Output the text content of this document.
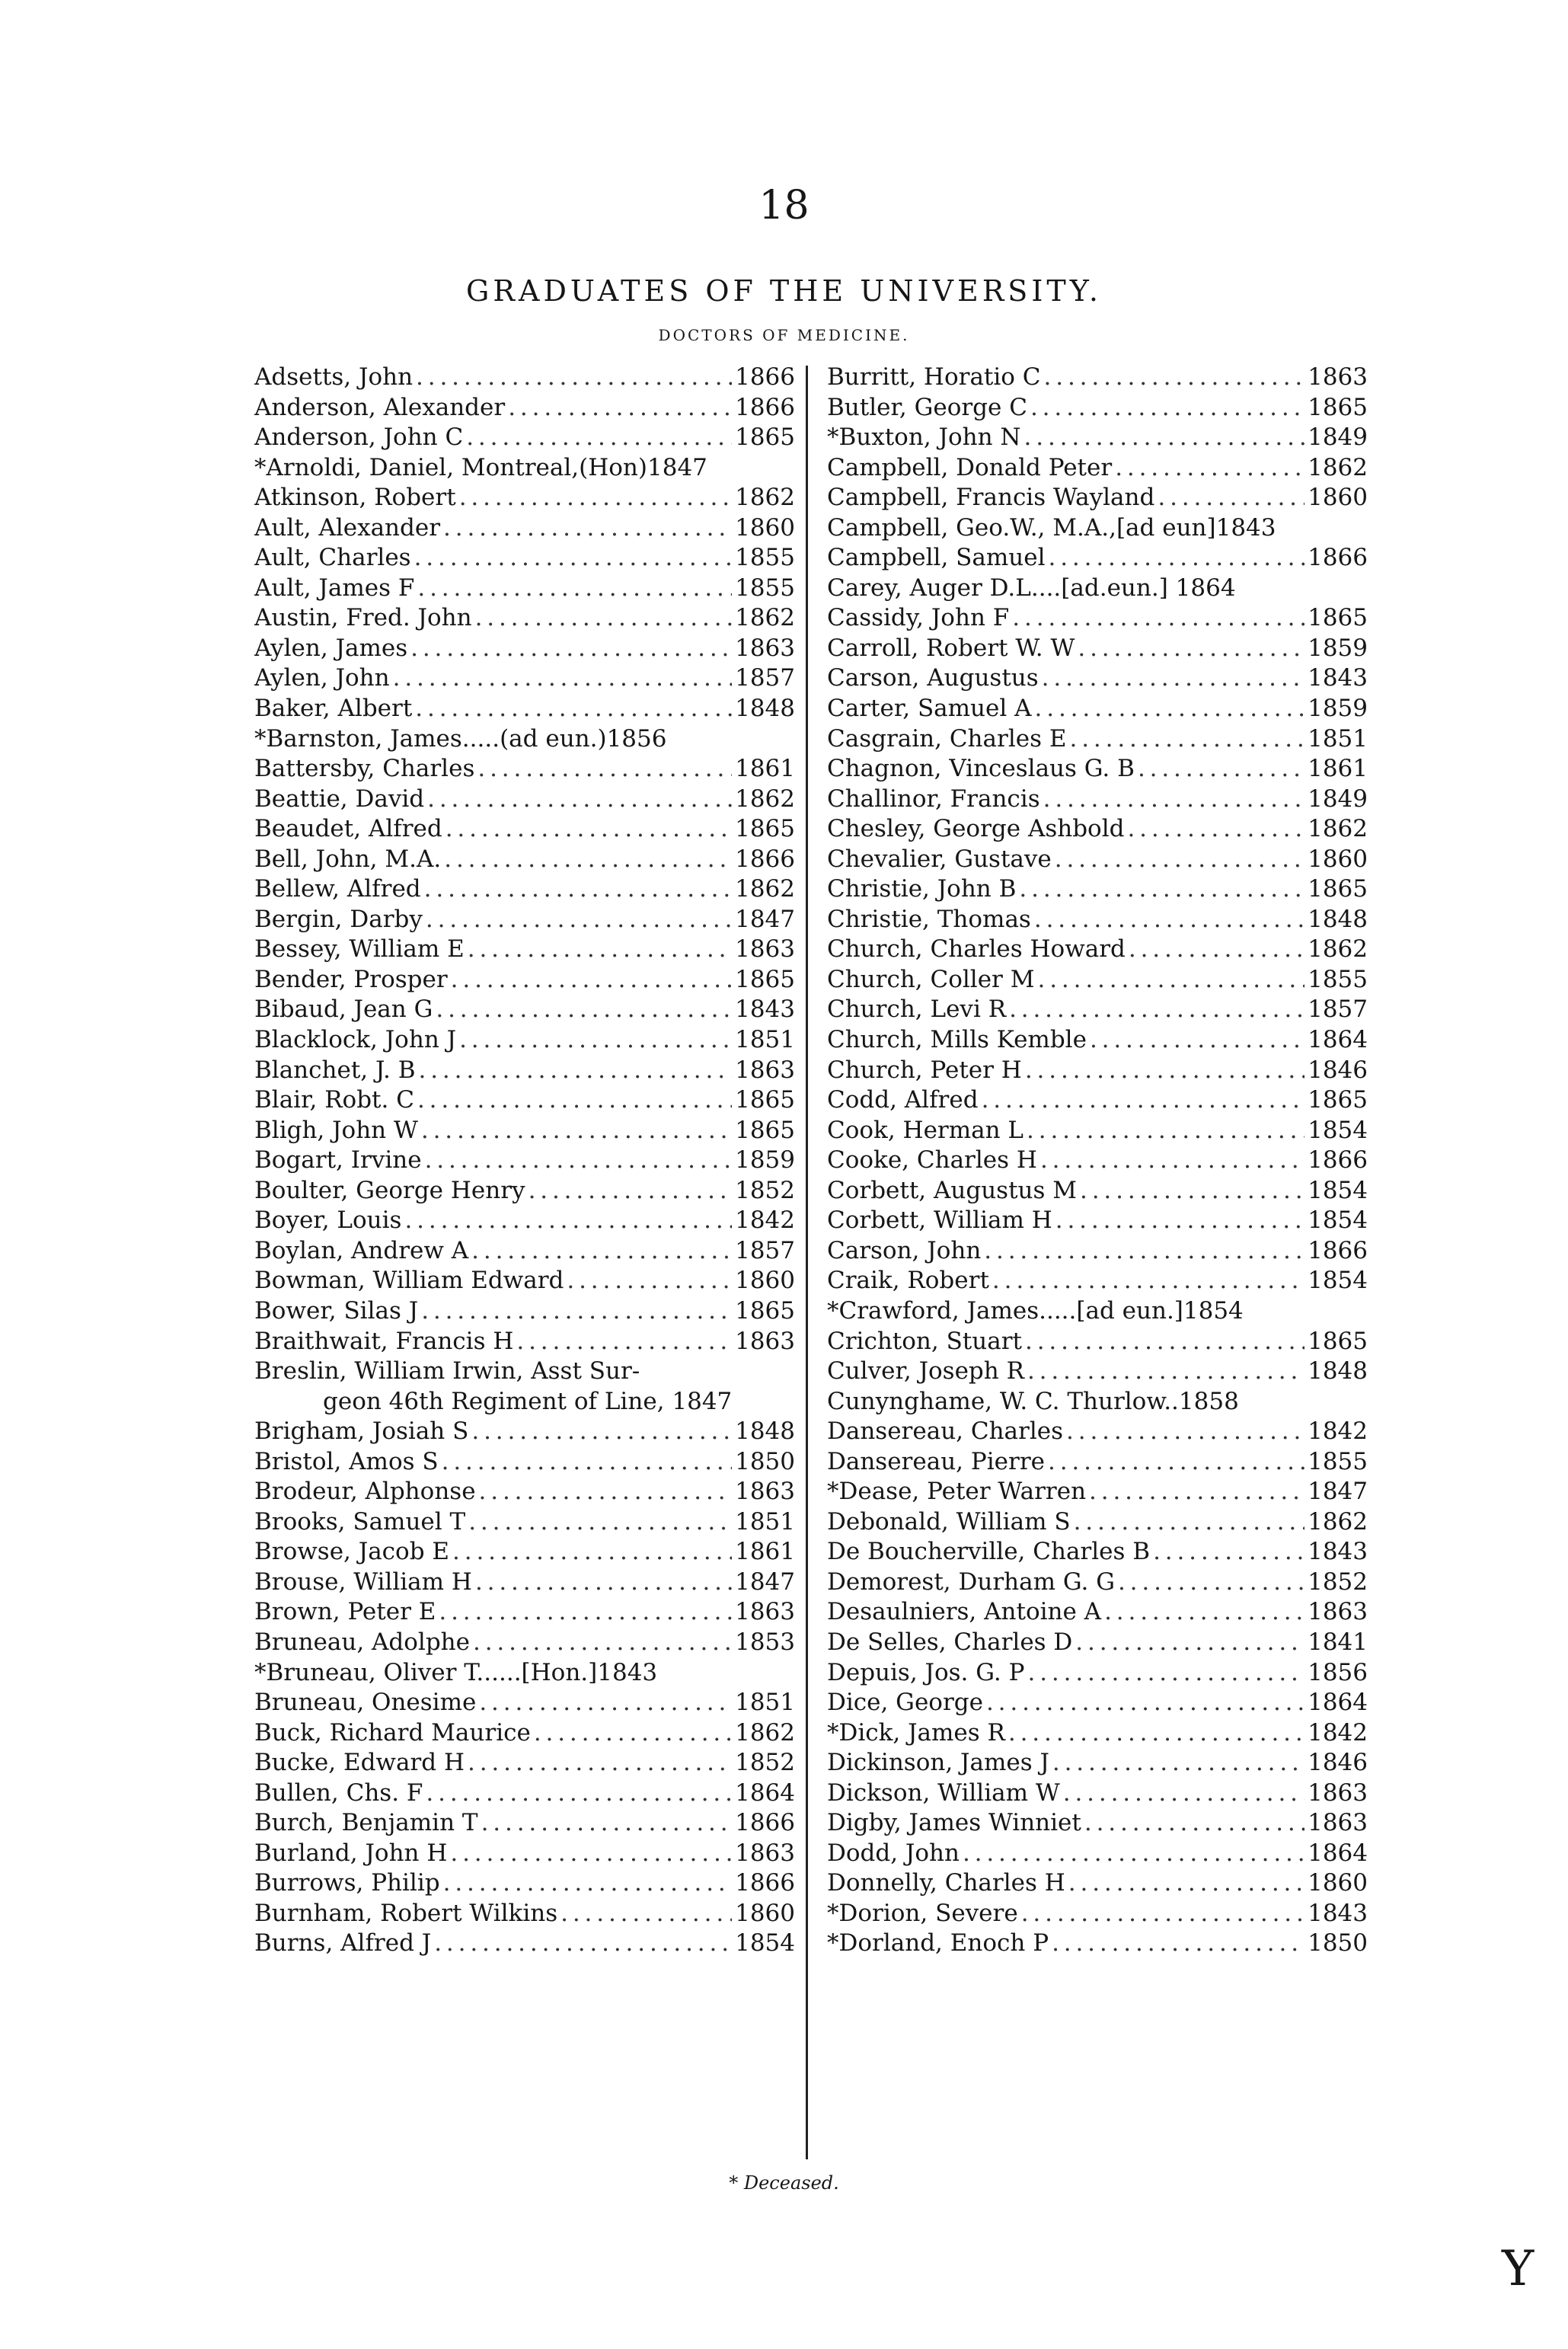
18
GRADUATES OF THE UNIVERSITY.
DOCTORS OF MEDICINE.
Adsetts, John . . .	1866
Anderson, Alexander . . .	1866
Anderson, John C . . .	1865
*Arnoldi, Daniel, Montreal,(Hon)1847
Atkinson, Robert . . .	1862
Ault, Alexander . . .	1860
Ault, Charles . . .	1855
Ault, James F . . .	1855
Austin, Fred. John . . .	1862
Aylen, James . . .	1863
Aylen, John . . .	1857
Baker, Albert . . .	1848
*Barnston, James.....(ad eun.)1856
Battersby, Charles . . .	1861
Beattie, David . . .	1862
Beaudet, Alfred . . .	1865
Bell, John, M.A. . . .	1866
Bellew, Alfred . . .	1862
Bergin, Darby . . .	1847
Bessey, William E . . .	1863
Bender, Prosper . . .	1865
Bibaud, Jean G . . .	1843
Blacklock, John J . . .	1851
Blanchet, J. B . . .	1863
Blair, Robt. C . . .	1865
Bligh, John W . . .	1865
Bogart, Irvine . . .	1859
Boulter, George Henry . . .	1852
Boyer, Louis . . .	1842
Boylan, Andrew A . . .	1857
Bowman, William Edward . . .	1860
Bower, Silas J . . .	1865
Braithwait, Francis H . . .	1863
Breslin, William Irwin, Asst Sur-
geon 46th Regiment of Line, 1847
Brigham, Josiah S . . .	1848
Bristol, Amos S . . .	1850
Brodeur, Alphonse . . .	1863
Brooks, Samuel T . . .	1851
Browse, Jacob E . . .	1861
Brouse, William H . . .	1847
Brown, Peter E . . .	1863
Bruneau, Adolphe . . .	1853
*Bruneau, Oliver T......[Hon.]1843
Bruneau, Onesime . . .	1851
Buck, Richard Maurice . . .	1862
Bucke, Edward H . . .	1852
Bullen, Chs. F . . .	1864
Burch, Benjamin T . . .	1866
Burland, John H . . .	1863
Burrows, Philip . . .	1866
Burnham, Robert Wilkins . . .	1860
Burns, Alfred J . . .	1854
Burritt, Horatio C . . .	1863
Butler, George C . . .	1865
*Buxton, John N . . .	1849
Campbell, Donald Peter . . .	1862
Campbell, Francis Wayland . . .	1860
Campbell, Geo.W., M.A.,[ad eun]1843
Campbell, Samuel . . .	1866
Carey, Auger D.L....[ad.eun.] 1864
Cassidy, John F . . .	1865
Carroll, Robert W. W . . .	1859
Carson, Augustus . . .	1843
Carter, Samuel A . . .	1859
Casgrain, Charles E . . .	1851
Chagnon, Vinceslaus G. B . . .	1861
Challinor, Francis . . .	1849
Chesley, George Ashbold . . .	1862
Chevalier, Gustave . . .	1860
Christie, John B . . .	1865
Christie, Thomas . . .	1848
Church, Charles Howard . . .	1862
Church, Coller M . . .	1855
Church, Levi R . . .	1857
Church, Mills Kemble . . .	1864
Church, Peter H . . .	1846
Codd, Alfred . . .	1865
Cook, Herman L . . .	1854
Cooke, Charles H . . .	1866
Corbett, Augustus M . . .	1854
Corbett, William H . . .	1854
Carson, John . . .	1866
Craik, Robert . . .	1854
*Crawford, James.....[ad eun.]1854
Crichton, Stuart . . .	1865
Culver, Joseph R . . .	1848
Cunynghame, W. C. Thurlow..1858
Dansereau, Charles . . .	1842
Dansereau, Pierre . . .	1855
*Dease, Peter Warren . . .	1847
Debonald, William S . . .	1862
De Boucherville, Charles B . . .	1843
Demorest, Durham G. G . . .	1852
Desaulniers, Antoine A . . .	1863
De Selles, Charles D . . .	1841
Depuis, Jos. G. P . . .	1856
Dice, George . . .	1864
*Dick, James R . . .	1842
Dickinson, James J . . .	1846
Dickson, William W . . .	1863
Digby, James Winniet . . .	1863
Dodd, John . . .	1864
Donnelly, Charles H . . .	1860
*Dorion, Severe . . .	1843
*Dorland, Enoch P . . .	1850
* Deceased.
Y
